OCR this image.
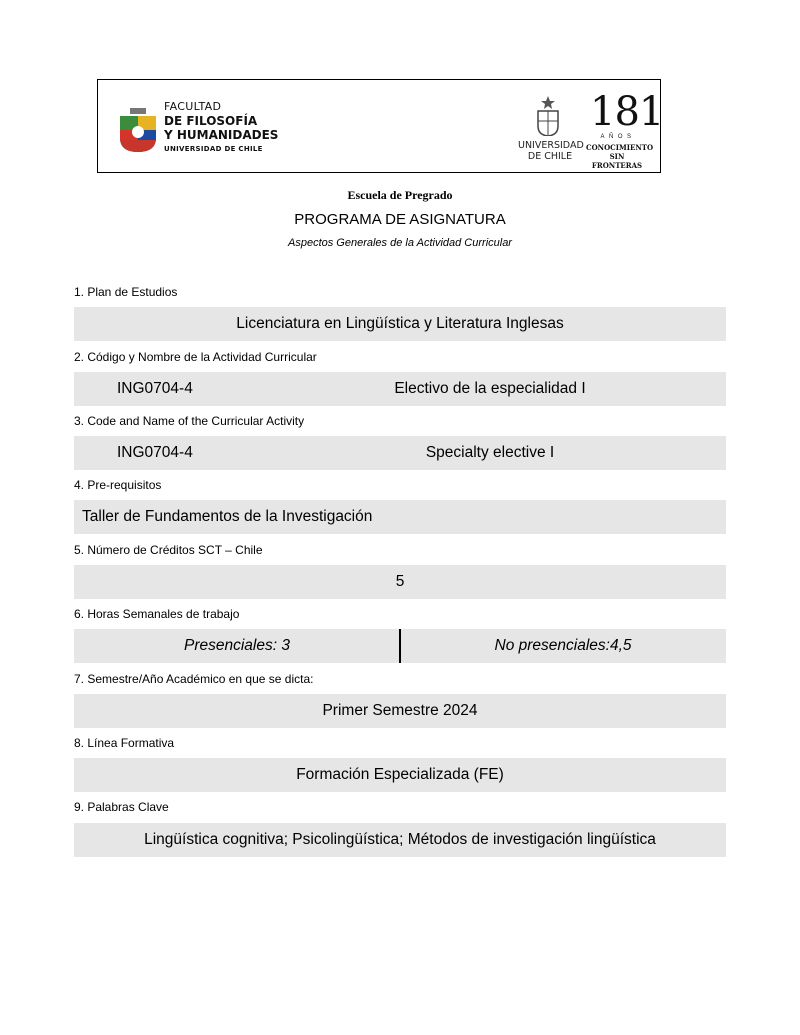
FACULTAD
DE FILOSOFÍA
Y HUMANIDADES
UNIVERSIDAD DE CHILE	UNIVERSIDAD
DE CHILE
181
AÑOS
CONOCIMIENTO
SIN FRONTERAS
Escuela de Pregrado
PROGRAMA DE ASIGNATURA
Aspectos Generales de la Actividad Curricular
1. Plan de Estudios
Licenciatura en Lingüística y Literatura Inglesas
2. Código y Nombre de la Actividad Curricular
ING0704-4	Electivo de la especialidad I
3. Code and Name of the Curricular Activity
ING0704-4	Specialty elective I
4. Pre-requisitos
Taller de Fundamentos de la Investigación
5. Número de Créditos SCT – Chile
5
6. Horas Semanales de trabajo
Presenciales: 3	No presenciales:4,5
7. Semestre/Año Académico en que se dicta:
Primer Semestre 2024
8. Línea Formativa
Formación Especializada (FE)
9. Palabras Clave
Lingüística cognitiva; Psicolingüística; Métodos de investigación lingüística
